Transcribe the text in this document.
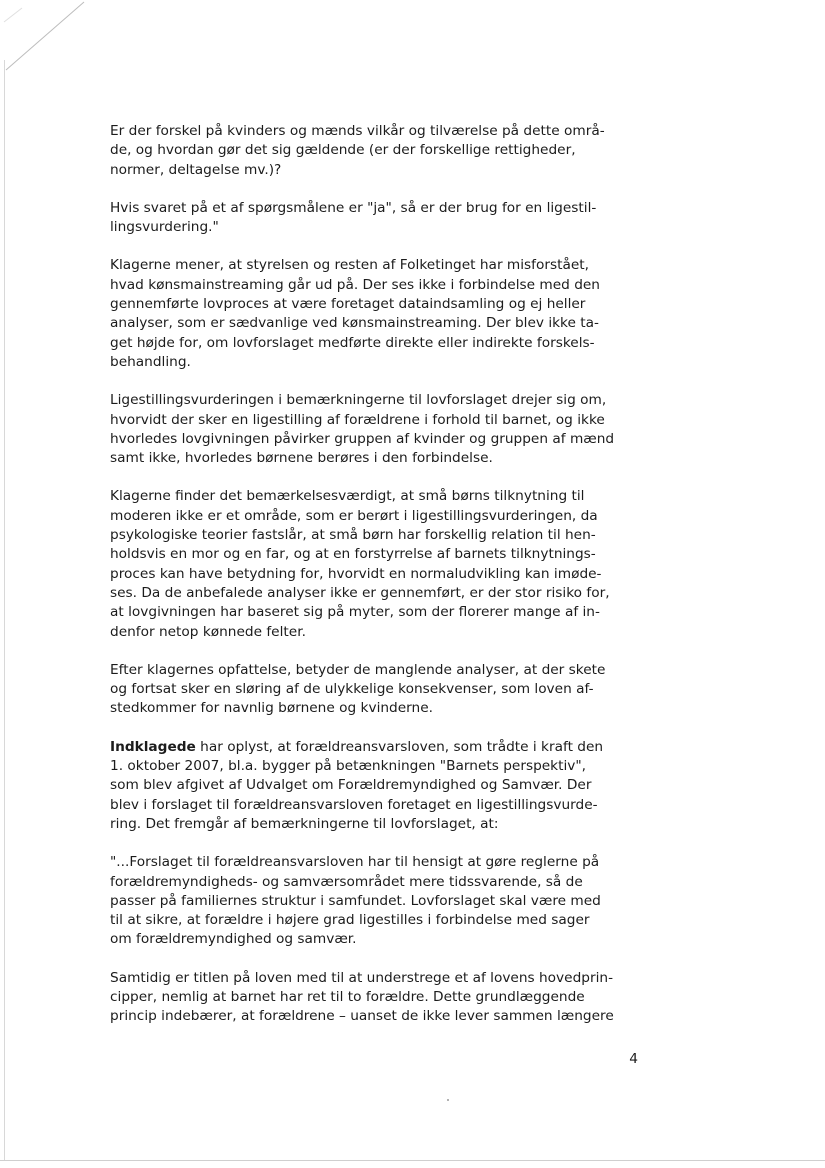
Er der forskel på kvinders og mænds vilkår og tilværelse på dette områ-
de, og hvordan gør det sig gældende (er der forskellige rettigheder,
normer, deltagelse mv.)?

Hvis svaret på et af spørgsmålene er "ja", så er der brug for en ligestil-
lingsvurdering."

Klagerne mener, at styrelsen og resten af Folketinget har misforstået,
hvad kønsmainstreaming går ud på. Der ses ikke i forbindelse med den
gennemførte lovproces at være foretaget dataindsamling og ej heller
analyser, som er sædvanlige ved kønsmainstreaming. Der blev ikke ta-
get højde for, om lovforslaget medførte direkte eller indirekte forskels-
behandling.

Ligestillingsvurderingen i bemærkningerne til lovforslaget drejer sig om,
hvorvidt der sker en ligestilling af forældrene i forhold til barnet, og ikke
hvorledes lovgivningen påvirker gruppen af kvinder og gruppen af mænd
samt ikke, hvorledes børnene berøres i den forbindelse.

Klagerne finder det bemærkelsesværdigt, at små børns tilknytning til
moderen ikke er et område, som er berørt i ligestillingsvurderingen, da
psykologiske teorier fastslår, at små børn har forskellig relation til hen-
holdsvis en mor og en far, og at en forstyrrelse af barnets tilknytnings-
proces kan have betydning for, hvorvidt en normaludvikling kan imøde-
ses. Da de anbefalede analyser ikke er gennemført, er der stor risiko for,
at lovgivningen har baseret sig på myter, som der florerer mange af in-
denfor netop kønnede felter.

Efter klagernes opfattelse, betyder de manglende analyser, at der skete
og fortsat sker en sløring af de ulykkelige konsekvenser, som loven af-
stedkommer for navnlig børnene og kvinderne.

Indklagede har oplyst, at forældreansvarsloven, som trådte i kraft den
1. oktober 2007, bl.a. bygger på betænkningen "Barnets perspektiv",
som blev afgivet af Udvalget om Forældremyndighed og Samvær. Der
blev i forslaget til forældreansvarsloven foretaget en ligestillingsvurde-
ring. Det fremgår af bemærkningerne til lovforslaget, at:

"...Forslaget til forældreansvarsloven har til hensigt at gøre reglerne på
forældremyndigheds- og samværsområdet mere tidssvarende, så de
passer på familiernes struktur i samfundet. Lovforslaget skal være med
til at sikre, at forældre i højere grad ligestilles i forbindelse med sager
om forældremyndighed og samvær.

Samtidig er titlen på loven med til at understrege et af lovens hovedprin-
cipper, nemlig at barnet har ret til to forældre. Dette grundlæggende
princip indebærer, at forældrene – uanset de ikke lever sammen længere

4
